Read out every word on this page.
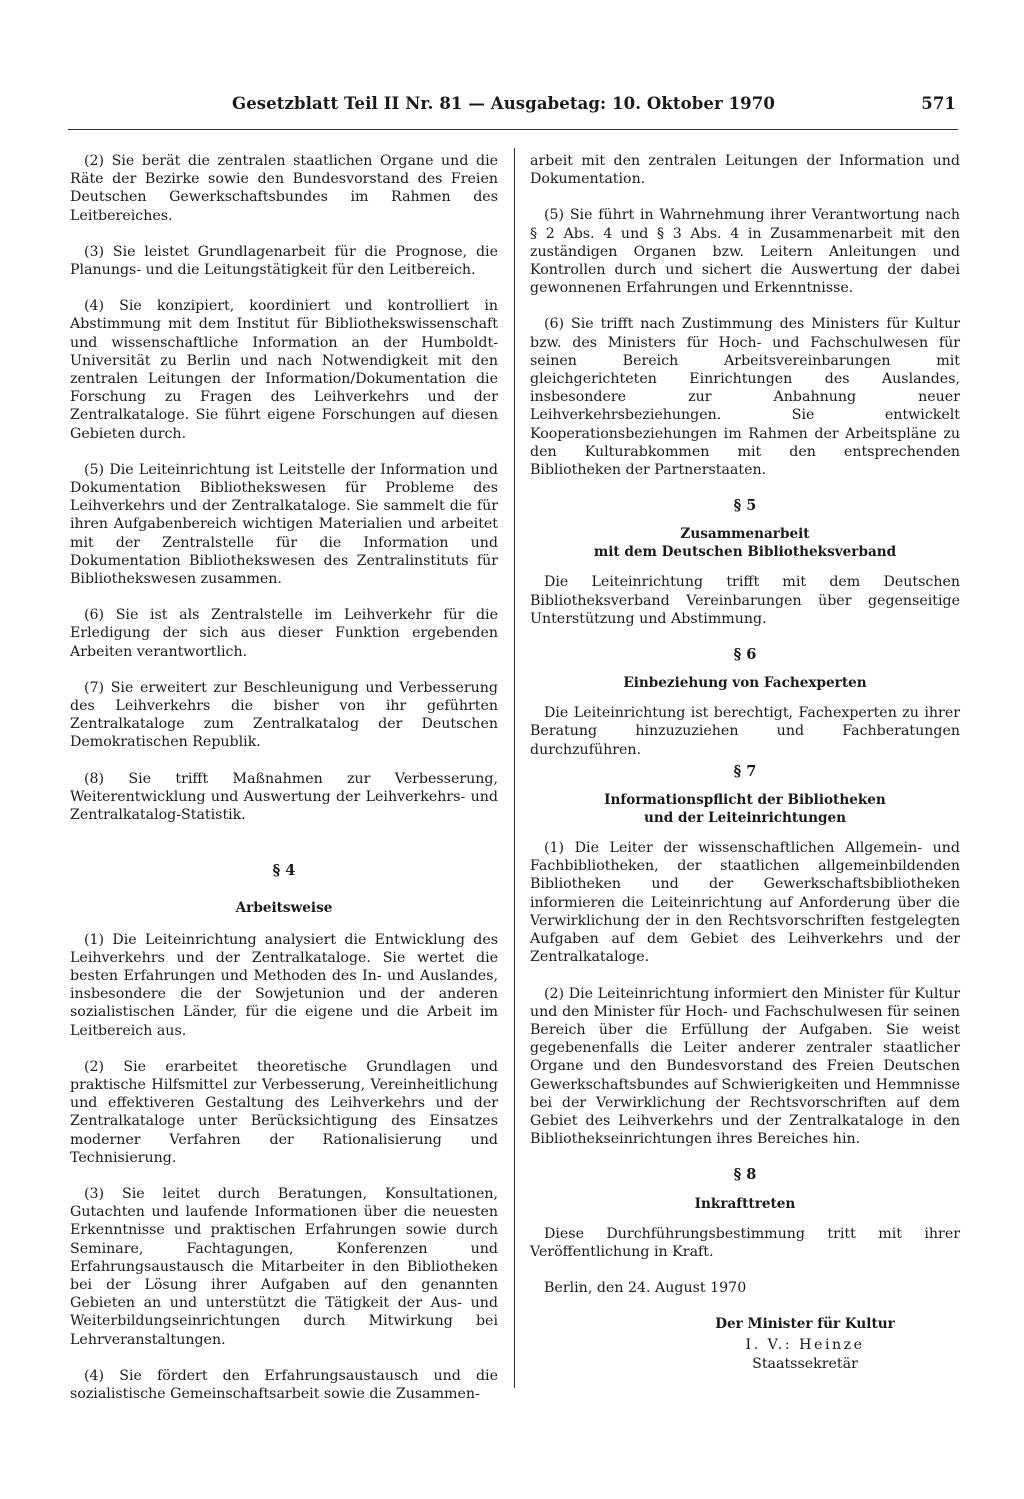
Gesetzblatt Teil II Nr. 81 — Ausgabetag: 10. Oktober 1970	571

(2) Sie berät die zentralen staatlichen Organe und die Räte der Bezirke sowie den Bundesvorstand des Freien Deutschen Gewerkschaftsbundes im Rahmen des Leitbereiches.

(3) Sie leistet Grundlagenarbeit für die Prognose, die Planungs- und die Leitungstätigkeit für den Leitbereich.

(4) Sie konzipiert, koordiniert und kontrolliert in Abstimmung mit dem Institut für Bibliothekswissenschaft und wissenschaftliche Information an der Humboldt-Universität zu Berlin und nach Notwendigkeit mit den zentralen Leitungen der Information/Dokumentation die Forschung zu Fragen des Leihverkehrs und der Zentralkataloge. Sie führt eigene Forschungen auf diesen Gebieten durch.

(5) Die Leiteinrichtung ist Leitstelle der Information und Dokumentation Bibliothekswesen für Probleme des Leihverkehrs und der Zentralkataloge. Sie sammelt die für ihren Aufgabenbereich wichtigen Materialien und arbeitet mit der Zentralstelle für die Information und Dokumentation Bibliothekswesen des Zentralinstituts für Bibliothekswesen zusammen.

(6) Sie ist als Zentralstelle im Leihverkehr für die Erledigung der sich aus dieser Funktion ergebenden Arbeiten verantwortlich.

(7) Sie erweitert zur Beschleunigung und Verbesserung des Leihverkehrs die bisher von ihr geführten Zentralkataloge zum Zentralkatalog der Deutschen Demokratischen Republik.

(8) Sie trifft Maßnahmen zur Verbesserung, Weiterentwicklung und Auswertung der Leihverkehrs- und Zentralkatalog-Statistik.

§ 4
Arbeitsweise

(1) Die Leiteinrichtung analysiert die Entwicklung des Leihverkehrs und der Zentralkataloge. Sie wertet die besten Erfahrungen und Methoden des In- und Auslandes, insbesondere die der Sowjetunion und der anderen sozialistischen Länder, für die eigene und die Arbeit im Leitbereich aus.

(2) Sie erarbeitet theoretische Grundlagen und praktische Hilfsmittel zur Verbesserung, Vereinheitlichung und effektiveren Gestaltung des Leihverkehrs und der Zentralkataloge unter Berücksichtigung des Einsatzes moderner Verfahren der Rationalisierung und Technisierung.

(3) Sie leitet durch Beratungen, Konsultationen, Gutachten und laufende Informationen über die neuesten Erkenntnisse und praktischen Erfahrungen sowie durch Seminare, Fachtagungen, Konferenzen und Erfahrungsaustausch die Mitarbeiter in den Bibliotheken bei der Lösung ihrer Aufgaben auf den genannten Gebieten an und unterstützt die Tätigkeit der Aus- und Weiterbildungseinrichtungen durch Mitwirkung bei Lehrveranstaltungen.

(4) Sie fördert den Erfahrungsaustausch und die sozialistische Gemeinschaftsarbeit sowie die Zusammen-

arbeit mit den zentralen Leitungen der Information und Dokumentation.

(5) Sie führt in Wahrnehmung ihrer Verantwortung nach § 2 Abs. 4 und § 3 Abs. 4 in Zusammenarbeit mit den zuständigen Organen bzw. Leitern Anleitungen und Kontrollen durch und sichert die Auswertung der dabei gewonnenen Erfahrungen und Erkenntnisse.

(6) Sie trifft nach Zustimmung des Ministers für Kultur bzw. des Ministers für Hoch- und Fachschulwesen für seinen Bereich Arbeitsvereinbarungen mit gleichgerichteten Einrichtungen des Auslandes, insbesondere zur Anbahnung neuer Leihverkehrsbeziehungen. Sie entwickelt Kooperationsbeziehungen im Rahmen der Arbeitspläne zu den Kulturabkommen mit den entsprechenden Bibliotheken der Partnerstaaten.

§ 5
Zusammenarbeit
mit dem Deutschen Bibliotheksverband

Die Leiteinrichtung trifft mit dem Deutschen Bibliotheksverband Vereinbarungen über gegenseitige Unterstützung und Abstimmung.

§ 6
Einbeziehung von Fachexperten

Die Leiteinrichtung ist berechtigt, Fachexperten zu ihrer Beratung hinzuzuziehen und Fachberatungen durchzuführen.

§ 7
Informationspflicht der Bibliotheken
und der Leiteinrichtungen

(1) Die Leiter der wissenschaftlichen Allgemein- und Fachbibliotheken, der staatlichen allgemeinbildenden Bibliotheken und der Gewerkschaftsbibliotheken informieren die Leiteinrichtung auf Anforderung über die Verwirklichung der in den Rechtsvorschriften festgelegten Aufgaben auf dem Gebiet des Leihverkehrs und der Zentralkataloge.

(2) Die Leiteinrichtung informiert den Minister für Kultur und den Minister für Hoch- und Fachschulwesen für seinen Bereich über die Erfüllung der Aufgaben. Sie weist gegebenenfalls die Leiter anderer zentraler staatlicher Organe und den Bundesvorstand des Freien Deutschen Gewerkschaftsbundes auf Schwierigkeiten und Hemmnisse bei der Verwirklichung der Rechtsvorschriften auf dem Gebiet des Leihverkehrs und der Zentralkataloge in den Bibliothekseinrichtungen ihres Bereiches hin.

§ 8
Inkrafttreten

Diese Durchführungsbestimmung tritt mit ihrer Veröffentlichung in Kraft.

Berlin, den 24. August 1970
Der Minister für Kultur
I. V.: Heinze
Staatssekretär
